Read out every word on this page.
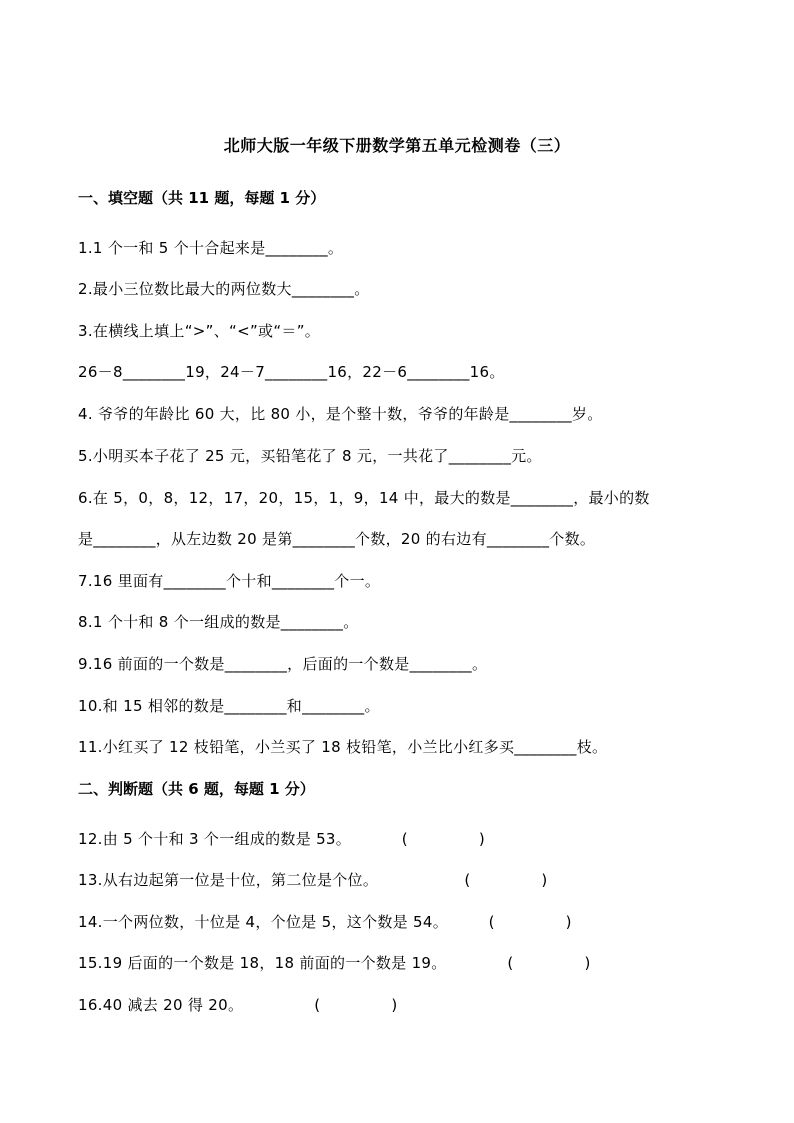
北师大版一年级下册数学第五单元检测卷（三）
一、填空题（共 11 题，每题 1 分）
1.1 个一和 5 个十合起来是________。
2.最小三位数比最大的两位数大________。
3.在横线上填上“>”、“<”或“＝”。
26－8________19，24－7________16，22－6________16。
4. 爷爷的年龄比 60 大，比 80 小，是个整十数，爷爷的年龄是________岁。
5.小明买本子花了 25 元，买铅笔花了 8 元，一共花了________元。
6.在 5，0，8，12，17，20，15，1，9，14 中，最大的数是________，最小的数
是________，从左边数 20 是第________个数，20 的右边有________个数。
7.16 里面有________个十和________个一。
8.1 个十和 8 个一组成的数是________。
9.16 前面的一个数是________，后面的一个数是________。
10.和 15 相邻的数是________和________。
11.小红买了 12 枝铅笔，小兰买了 18 枝铅笔，小兰比小红多买________枝。
二、判断题（共 6 题，每题 1 分）
12.由 5 个十和 3 个一组成的数是 53。          (              )
13.从右边起第一位是十位，第二位是个位。                 (              )
14.一个两位数，十位是 4，个位是 5，这个数是 54。        (              )
15.19 后面的一个数是 18，18 前面的一个数是 19。            (              )
16.40 减去 20 得 20。              (              )
